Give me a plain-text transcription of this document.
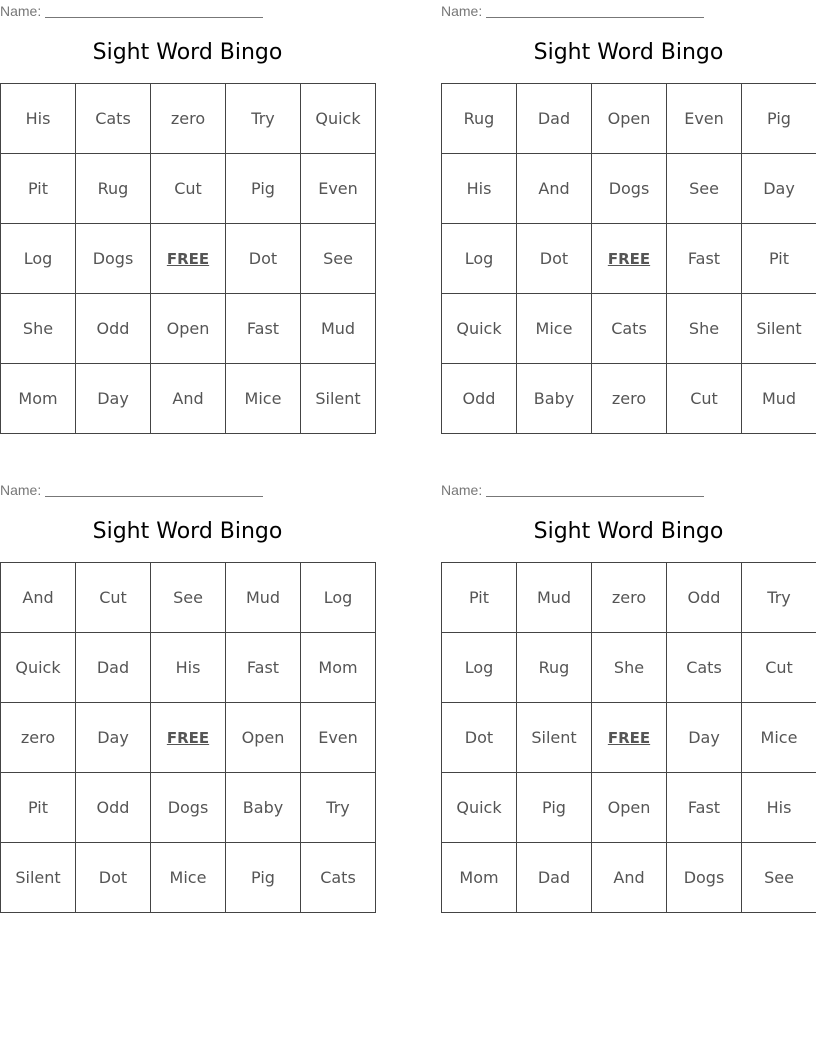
Name:
Sight Word Bingo
His	Cats	zero	Try	Quick
Pit	Rug	Cut	Pig	Even
Log	Dogs	FREE	Dot	See
She	Odd	Open	Fast	Mud
Mom	Day	And	Mice	Silent
Name:
Sight Word Bingo
Rug	Dad	Open	Even	Pig
His	And	Dogs	See	Day
Log	Dot	FREE	Fast	Pit
Quick	Mice	Cats	She	Silent
Odd	Baby	zero	Cut	Mud
Name:
Sight Word Bingo
And	Cut	See	Mud	Log
Quick	Dad	His	Fast	Mom
zero	Day	FREE	Open	Even
Pit	Odd	Dogs	Baby	Try
Silent	Dot	Mice	Pig	Cats
Name:
Sight Word Bingo
Pit	Mud	zero	Odd	Try
Log	Rug	She	Cats	Cut
Dot	Silent	FREE	Day	Mice
Quick	Pig	Open	Fast	His
Mom	Dad	And	Dogs	See
